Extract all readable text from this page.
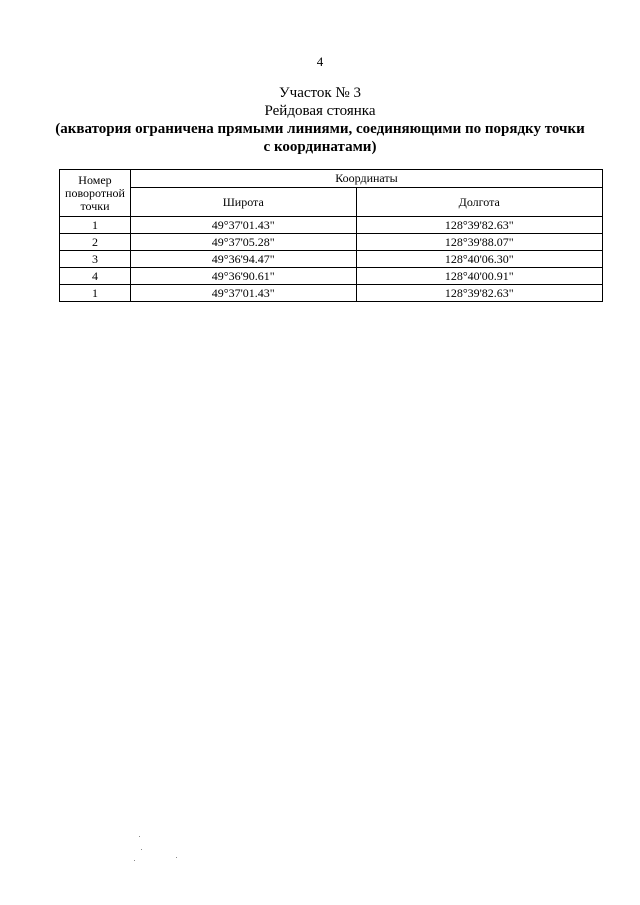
4
Участок № 3
Рейдовая стоянка
(акватория ограничена прямыми линиями, соединяющими по порядку точки
с координатами)
Номер поворотной точки	Координаты	
	Широта	Долгота
1	49°37'01.43"	128°39'82.63"
2	49°37'05.28"	128°39'88.07"
3	49°36'94.47"	128°40'06.30"
4	49°36'90.61"	128°40'00.91"
1	49°37'01.43"	128°39'82.63"
